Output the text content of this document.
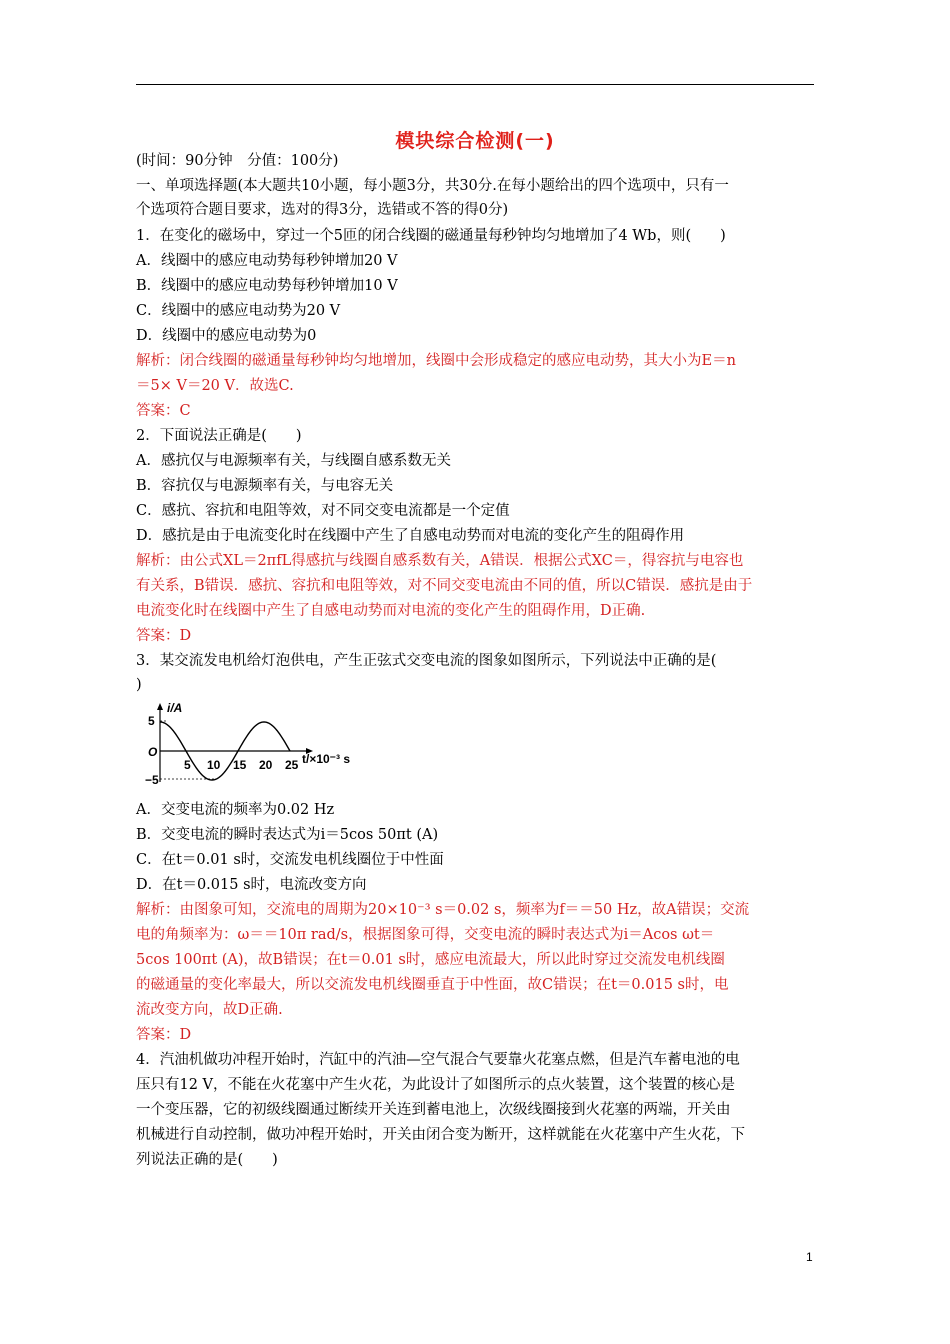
模块综合检测(一)
(时间：90分钟　分值：100分)
一、单项选择题(本大题共10小题，每小题3分，共30分.在每小题给出的四个选项中，只有一
个选项符合题目要求，选对的得3分，选错或不答的得0分)
1．在变化的磁场中，穿过一个5匝的闭合线圈的磁通量每秒钟均匀地增加了4 Wb，则(　　)
A．线圈中的感应电动势每秒钟增加20 V
B．线圈中的感应电动势每秒钟增加10 V
C．线圈中的感应电动势为20 V
D．线圈中的感应电动势为0
解析：闭合线圈的磁通量每秒钟均匀地增加，线圈中会形成稳定的感应电动势，其大小为E＝n
＝5× V＝20 V．故选C.
答案：C
2．下面说法正确是(　　)
A．感抗仅与电源频率有关，与线圈自感系数无关
B．容抗仅与电源频率有关，与电容无关
C．感抗、容抗和电阻等效，对不同交变电流都是一个定值
D．感抗是由于电流变化时在线圈中产生了自感电动势而对电流的变化产生的阻碍作用
解析：由公式XL＝2πfL得感抗与线圈自感系数有关，A错误．根据公式XC＝，得容抗与电容也
有关系，B错误．感抗、容抗和电阻等效，对不同交变电流由不同的值，所以C错误．感抗是由于
电流变化时在线圈中产生了自感电动势而对电流的变化产生的阻碍作用，D正确.
答案：D
3．某交流发电机给灯泡供电，产生正弦式交变电流的图象如图所示，下列说法中正确的是(
)
i/A
5
−5
O
5 10 15 20 25 t/×10⁻³ s
A．交变电流的频率为0.02 Hz
B．交变电流的瞬时表达式为i＝5cos 50πt (A)
C．在t＝0.01 s时，交流发电机线圈位于中性面
D．在t＝0.015 s时，电流改变方向
解析：由图象可知，交流电的周期为20×10⁻³ s＝0.02 s，频率为f＝＝50 Hz，故A错误；交流
电的角频率为：ω＝＝10π rad/s，根据图象可得，交变电流的瞬时表达式为i＝Acos ωt＝
5cos 100πt (A)，故B错误；在t＝0.01 s时，感应电流最大，所以此时穿过交流发电机线圈
的磁通量的变化率最大，所以交流发电机线圈垂直于中性面，故C错误；在t＝0.015 s时，电
流改变方向，故D正确.
答案：D
4．汽油机做功冲程开始时，汽缸中的汽油—空气混合气要靠火花塞点燃，但是汽车蓄电池的电
压只有12 V，不能在火花塞中产生火花，为此设计了如图所示的点火装置，这个装置的核心是
一个变压器，它的初级线圈通过断续开关连到蓄电池上，次级线圈接到火花塞的两端，开关由
机械进行自动控制，做功冲程开始时，开关由闭合变为断开，这样就能在火花塞中产生火花，下
列说法正确的是(　　)
1
